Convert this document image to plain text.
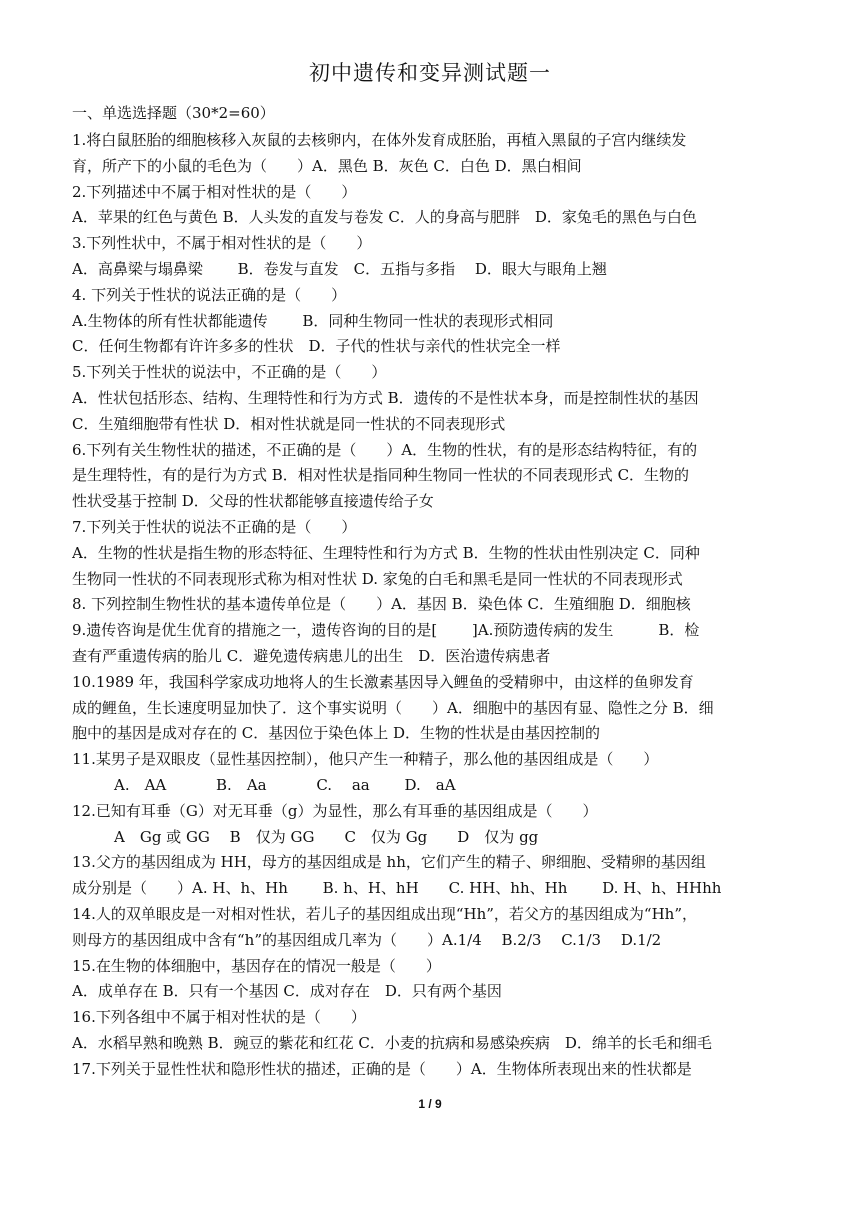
初中遗传和变异测试题一
一、单选选择题（30*2=60）
1.将白鼠胚胎的细胞核移入灰鼠的去核卵内，在体外发育成胚胎，再植入黑鼠的子宫内继续发
育，所产下的小鼠的毛色为（　　）A．黑色 B．灰色 C．白色 D．黑白相间
2.下列描述中不属于相对性状的是（　　）
A．苹果的红色与黄色 B．人头发的直发与卷发 C．人的身高与肥胖　D．家兔毛的黑色与白色
3.下列性状中，不属于相对性状的是（　　）
A．高鼻梁与塌鼻梁　　 B．卷发与直发　C．五指与多指　 D．眼大与眼角上翘
4. 下列关于性状的说法正确的是（　　）
A.生物体的所有性状都能遗传　　 B．同种生物同一性状的表现形式相同
C．任何生物都有许许多多的性状　D．子代的性状与亲代的性状完全一样
5.下列关于性状的说法中，不正确的是（　　）
A．性状包括形态、结构、生理特性和行为方式 B．遗传的不是性状本身，而是控制性状的基因
C．生殖细胞带有性状 D．相对性状就是同一性状的不同表现形式
6.下列有关生物性状的描述，不正确的是（　　）A．生物的性状，有的是形态结构特征，有的
是生理特性，有的是行为方式 B．相对性状是指同种生物同一性状的不同表现形式 C．生物的
性状受基于控制 D．父母的性状都能够直接遗传给子女
7.下列关于性状的说法不正确的是（　　）
A．生物的性状是指生物的形态特征、生理特性和行为方式 B．生物的性状由性别决定 C．同种
生物同一性状的不同表现形式称为相对性状 D. 家兔的白毛和黑毛是同一性状的不同表现形式
8. 下列控制生物性状的基本遗传单位是（　　）A．基因 B．染色体 C．生殖细胞 D．细胞核
9.遗传咨询是优生优育的措施之一，遗传咨询的目的是[　　 ]A.预防遗传病的发生　　　B．检
查有严重遗传病的胎儿 C．避免遗传病患儿的出生　D．医治遗传病患者
10.1989 年，我国科学家成功地将人的生长激素基因导入鲤鱼的受精卵中，由这样的鱼卵发育
成的鲤鱼，生长速度明显加快了．这个事实说明（　　）A．细胞中的基因有显、隐性之分 B．细
胞中的基因是成对存在的 C．基因位于染色体上 D．生物的性状是由基因控制的
11.某男子是双眼皮（显性基因控制），他只产生一种精子，那么他的基因组成是（　　）
A.　AA　　　 B.　Aa　　　 C.　 aa　　 D.　aA
12.已知有耳垂（G）对无耳垂（g）为显性，那么有耳垂的基因组成是（　　）
A　Gg 或 GG　 B　仅为 GG　　C　仅为 Gg　　D　仅为 gg
13.父方的基因组成为 HH，母方的基因组成是 hh，它们产生的精子、卵细胞、受精卵的基因组
成分别是（　　）A. H、h、Hh　　 B. h、H、hH　　C. HH、hh、Hh　　 D. H、h、HHhh
14.人的双单眼皮是一对相对性状，若儿子的基因组成出现“Hh”，若父方的基因组成为“Hh”，
则母方的基因组成中含有“h”的基因组成几率为（　　）A.1/4　 B.2/3　 C.1/3　 D.1/2
15.在生物的体细胞中，基因存在的情况一般是（　　）
A．成单存在 B．只有一个基因 C．成对存在　D．只有两个基因
16.下列各组中不属于相对性状的是（　　）
A．水稻早熟和晚熟 B．豌豆的紫花和红花 C．小麦的抗病和易感染疾病　D．绵羊的长毛和细毛
17.下列关于显性性状和隐形性状的描述，正确的是（　　）A．生物体所表现出来的性状都是
1 / 9
